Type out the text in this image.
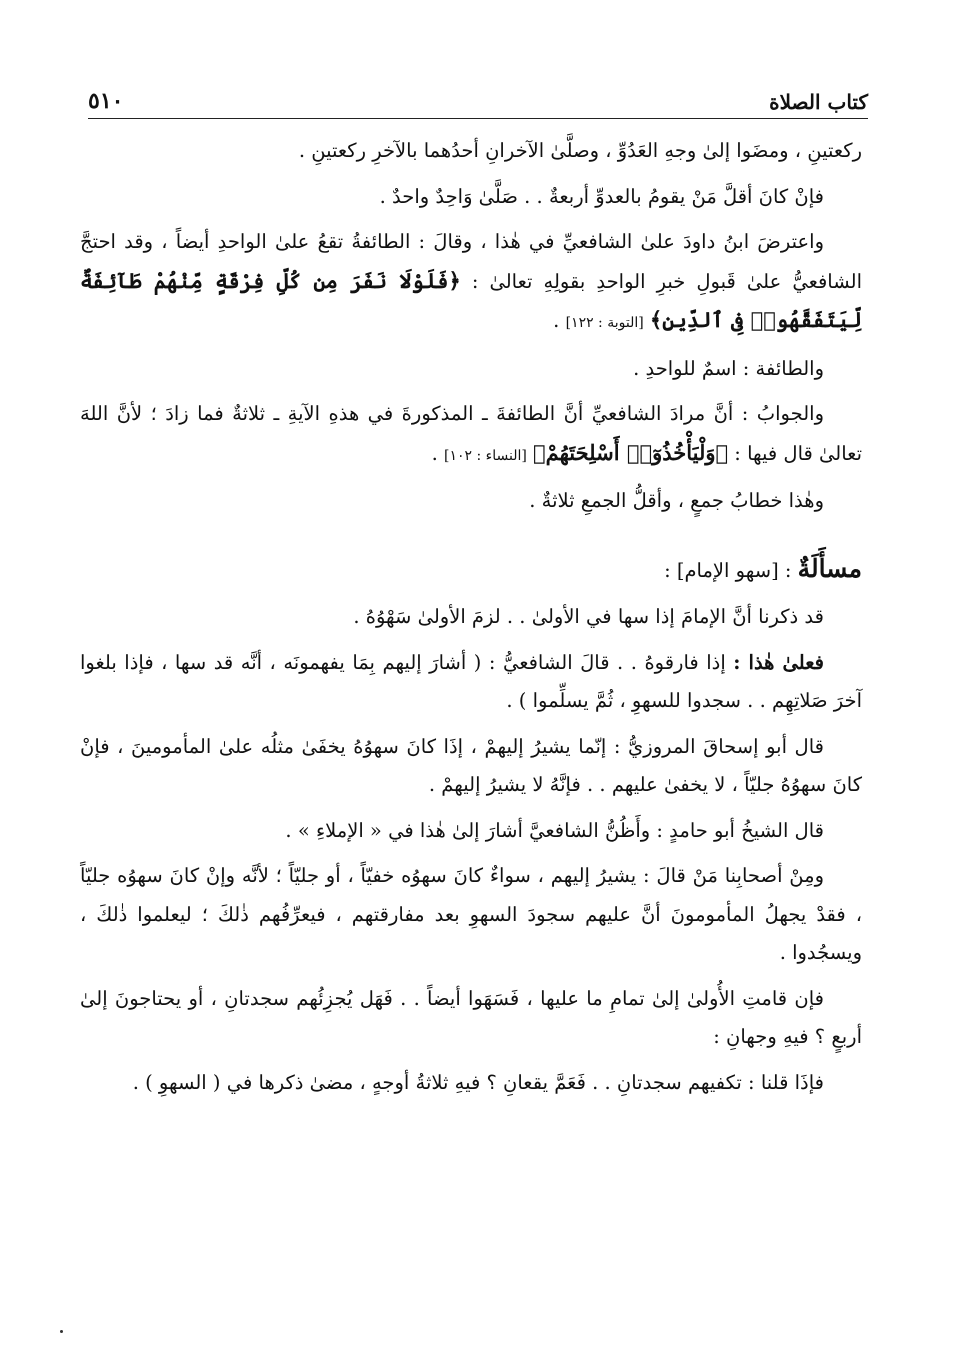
كتاب الصلاة
٥١٠

ركعتينِ ، ومضَوا إلىٰ وجهِ العَدُوِّ ، وصلَّىٰ الآخرانِ أحدُهما بالآخرِ ركعتينِ .

فإنْ كانَ أقلَّ مَنْ يقومُ بالعدوِّ أربعةٌ . . صَلَّىٰ وَاحِدٌ واحدٌ .

واعترضَ ابنُ داودَ علىٰ الشافعيِّ في هٰذا ، وقالَ : الطائفةُ تقعُ علىٰ الواحدِ أيضاً ، وقد احتجَّ الشافعيُّ علىٰ قَبولِ خبرِ الواحدِ بقولِهِ تعالىٰ : ﴿فَلَوْلَا نَفَرَ مِن كُلِّ فِرْقَةٍ مِّنْهُمْ طَآئِفَةٌ لِّيَتَفَقَّهُوا۟ فِى ٱلدِّينِ﴾ [التوبة : ١٢٢] .

والطائفة : اسمٌ للواحدِ .

والجوابُ : أنَّ مرادَ الشافعيِّ أنَّ الطائفةَ ـ المذكورةَ في هذهِ الآيةِ ـ ثلاثةٌ فما زادَ ؛ لأنَّ اللهَ تعالىٰ قال فيها : ﴿وَلْيَأْخُذُوٓا۟ أَسْلِحَتَهُمْ﴾ [النساء : ١٠٢] .

وهٰذا خطابُ جمعٍ ، وأقلُّ الجمعِ ثلاثةٌ .

مسأَلَةٌ : [سهو الإمام] :

قد ذكرنا أنَّ الإمامَ إذا سها في الأولىٰ . . لزمَ الأولىٰ سَهْوُهُ .

فعلىٰ هٰذا : إذا فارقوهُ . . قالَ الشافعيُّ : ( أشارَ إليهم بِمَا يفهمونَه ، أنَّه قد سها ، فإذا بلغوا آخرَ صَلاتِهِم . . سجدوا للسهوِ ، ثُمَّ يسلِّموا ) .

قال أبو إسحاقَ المروزيُّ : إنّما يشيرُ إليهمْ ، إذَا كانَ سهوُهُ يخفَىٰ مثلُه علىٰ المأمومينَ ، فإنْ كانَ سهوُهُ جليّاً ، لا يخفىٰ عليهم . . فإنَّهُ لا يشيرُ إليهمْ .

قال الشيخُ أبو حامدٍ : وأَظُنُّ الشافعيَّ أشارَ إلىٰ هٰذا في « الإملاءِ » .

ومِنْ أصحابِنا مَنْ قالَ : يشيرُ إليهم ، سواءٌ كانَ سهوُه خفيّاً ، أو جليّاً ؛ لأنَّه وإنْ كانَ سهوُه جليّاً ، فقدْ يجهلُ المأمومونَ أنَّ عليهم سجودَ السهوِ بعد مفارقتهم ، فيعرِّفُهم ذٰلكَ ؛ ليعلموا ذٰلكَ ، ويسجُدوا .

فإن قامتِ الأُولىٰ إلىٰ تمامِ ما عليها ، فَسَهَوا أيضاً . . فَهَل يُجزِئُهم سجدتانِ ، أو يحتاجونَ إلىٰ أربعٍ ؟ فيهِ وجهانِ :

فإذَا قلنا : تكفيهم سجدتانِ . . فَعَمَّ يقعانِ ؟ فيهِ ثلاثةُ أوجهٍ ، مضىٰ ذكرها في ( السهوِ ) .
